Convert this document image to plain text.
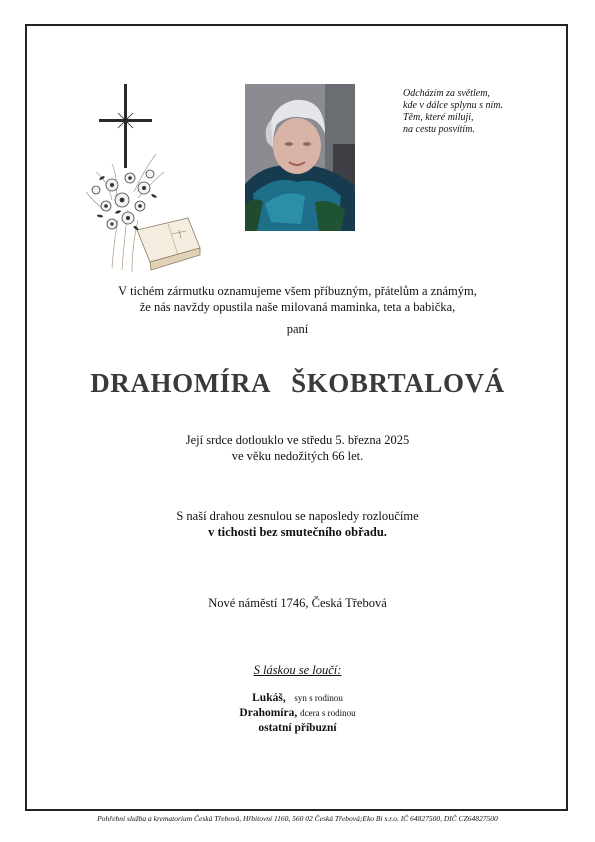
Odcházím za světlem,
kde v dálce splynu s ním.
Těm, které miluji,
na cestu posvítím.
V tichém zármutku oznamujeme všem příbuzným, přátelům a známým,
že nás navždy opustila naše milovaná maminka, teta a babička,
paní
DRAHOMÍRA ŠKOBRTALOVÁ
Její srdce dotlouklo ve středu 5. března 2025
ve věku nedožitých 66 let.
S naší drahou zesnulou se naposledy rozloučíme
v tichosti bez smutečního obřadu.
Nové náměstí 1746, Česká Třebová
S láskou se loučí:
Lukáš, syn s rodinou
Drahomíra, dcera s rodinou
ostatní příbuzní
Pohřební služba a krematorium Česká Třebová, Hřbitovní 1160, 560 02 Česká Třebová;Eko Bi s.r.o. IČ 64827500, DIČ CZ64827500
